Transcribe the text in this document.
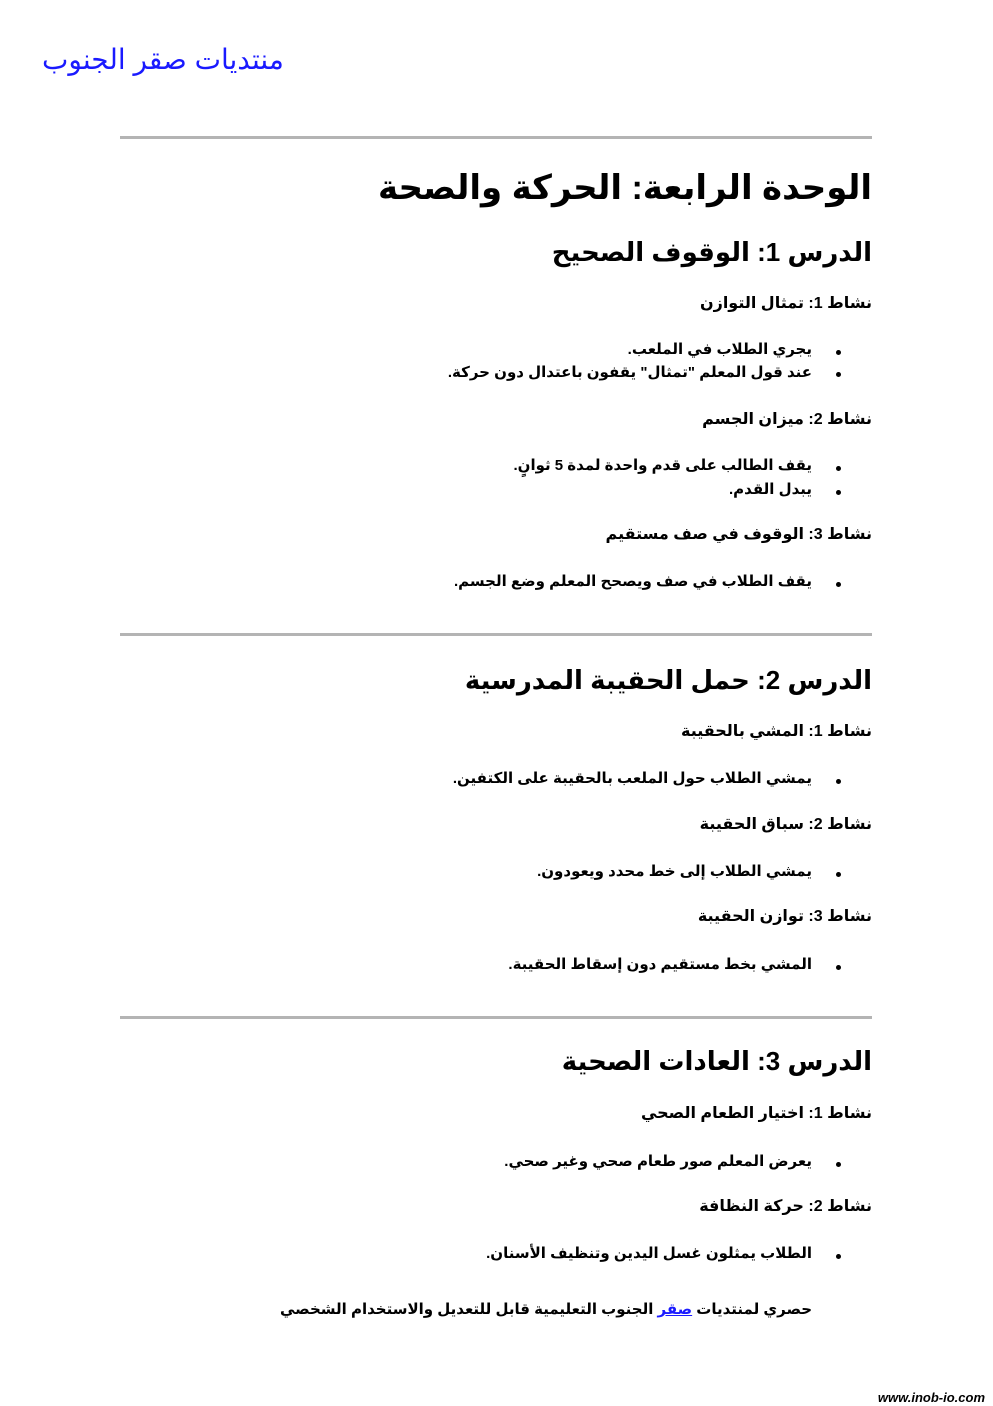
منتديات صقر الجنوب
الوحدة الرابعة: الحركة والصحة
الدرس 1: الوقوف الصحيح
نشاط 1: تمثال التوازن
يجري الطلاب في الملعب.
عند قول المعلم "تمثال" يقفون باعتدال دون حركة.
نشاط 2: ميزان الجسم
يقف الطالب على قدم واحدة لمدة 5 ثوانٍ.
يبدل القدم.
نشاط 3: الوقوف في صف مستقيم
يقف الطلاب في صف ويصحح المعلم وضع الجسم.
الدرس 2: حمل الحقيبة المدرسية
نشاط 1: المشي بالحقيبة
يمشي الطلاب حول الملعب بالحقيبة على الكتفين.
نشاط 2: سباق الحقيبة
يمشي الطلاب إلى خط محدد ويعودون.
نشاط 3: توازن الحقيبة
المشي بخط مستقيم دون إسقاط الحقيبة.
الدرس 3: العادات الصحية
نشاط 1: اختيار الطعام الصحي
يعرض المعلم صور طعام صحي وغير صحي.
نشاط 2: حركة النظافة
الطلاب يمثلون غسل اليدين وتنظيف الأسنان.
حصري لمنتديات صقر الجنوب التعليمية قابل للتعديل والاستخدام الشخصي
www.inob-io.com
